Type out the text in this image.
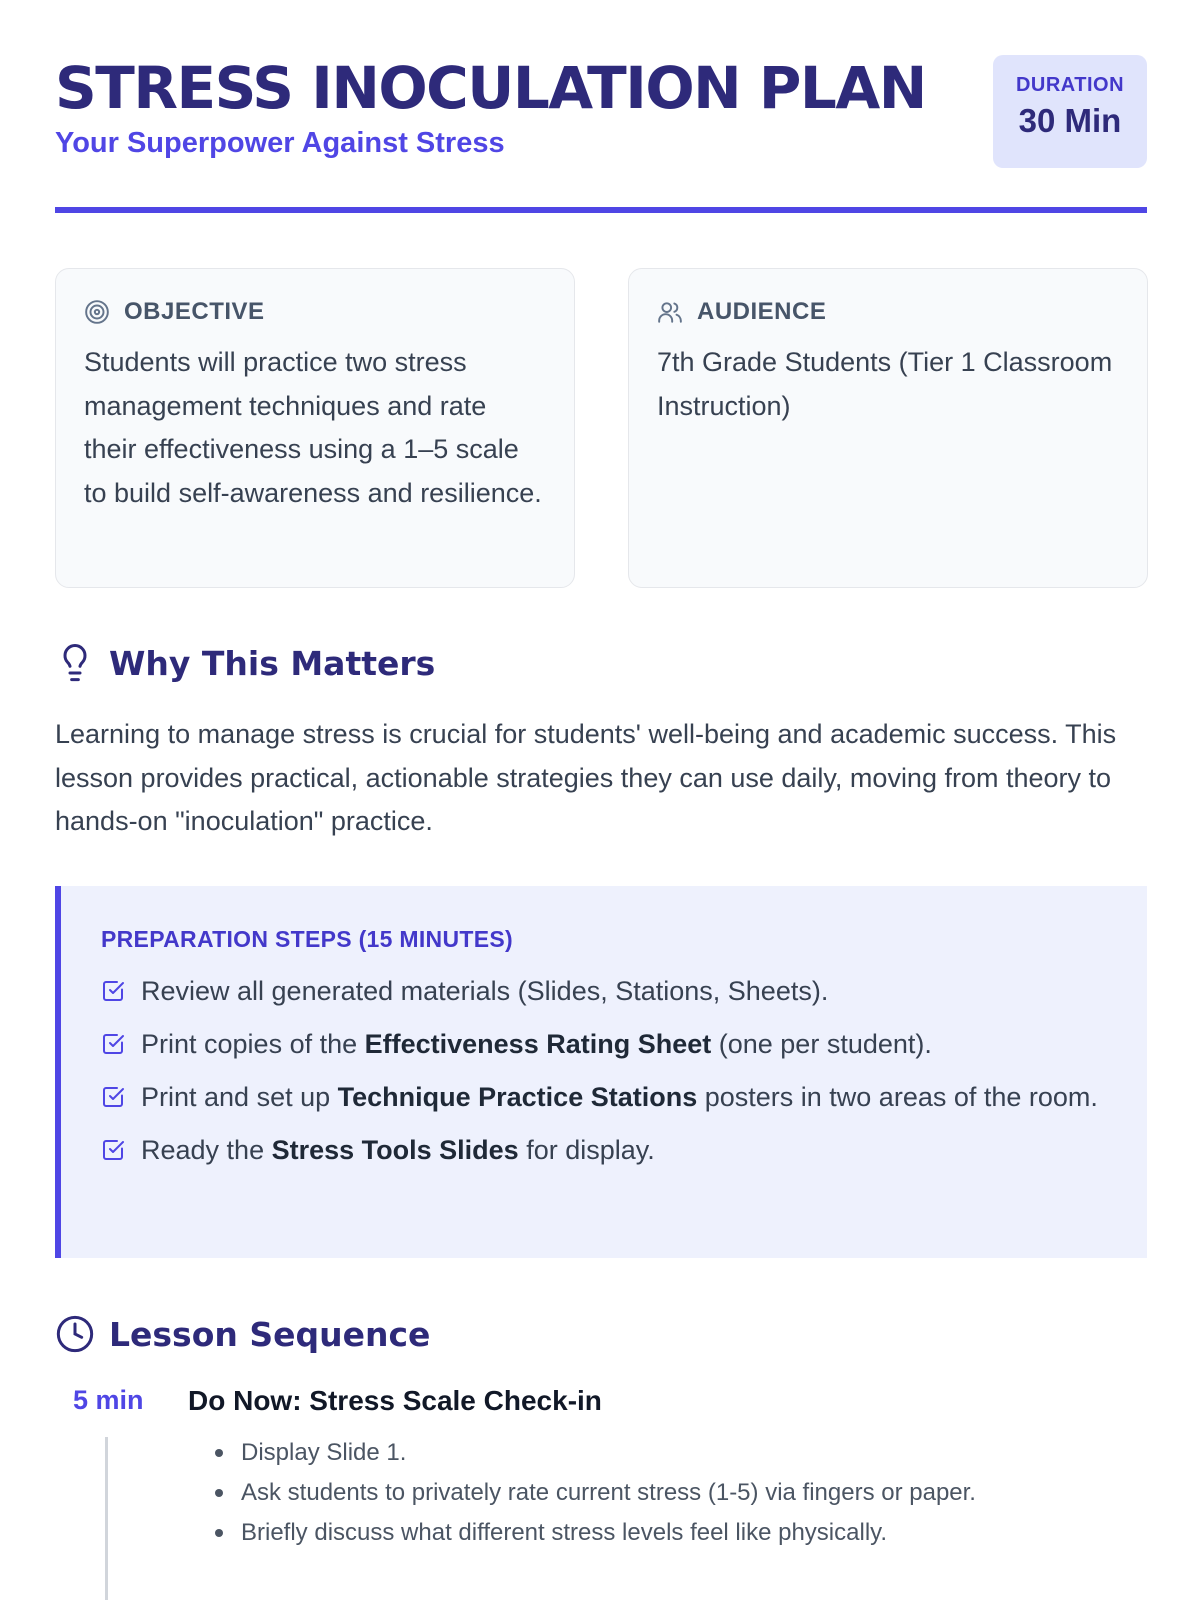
STRESS INOCULATION PLAN
Your Superpower Against Stress
DURATION
30 Min
OBJECTIVE

Students will practice two stress management techniques and rate their effectiveness using a 1–5 scale to build self-awareness and resilience.

AUDIENCE

7th Grade Students (Tier 1 Classroom Instruction)

Why This Matters

Learning to manage stress is crucial for students' well-being and academic success. This lesson provides practical, actionable strategies they can use daily, moving from theory to hands-on "inoculation" practice.

PREPARATION STEPS (15 MINUTES)
Review all generated materials (Slides, Stations, Sheets).
Print copies of the Effectiveness Rating Sheet (one per student).
Print and set up Technique Practice Stations posters in two areas of the room.
Ready the Stress Tools Slides for display.
Lesson Sequence
5 min Do Now: Stress Scale Check-in
Display Slide 1.
Ask students to privately rate current stress (1-5) via fingers or paper.
Briefly discuss what different stress levels feel like physically.
